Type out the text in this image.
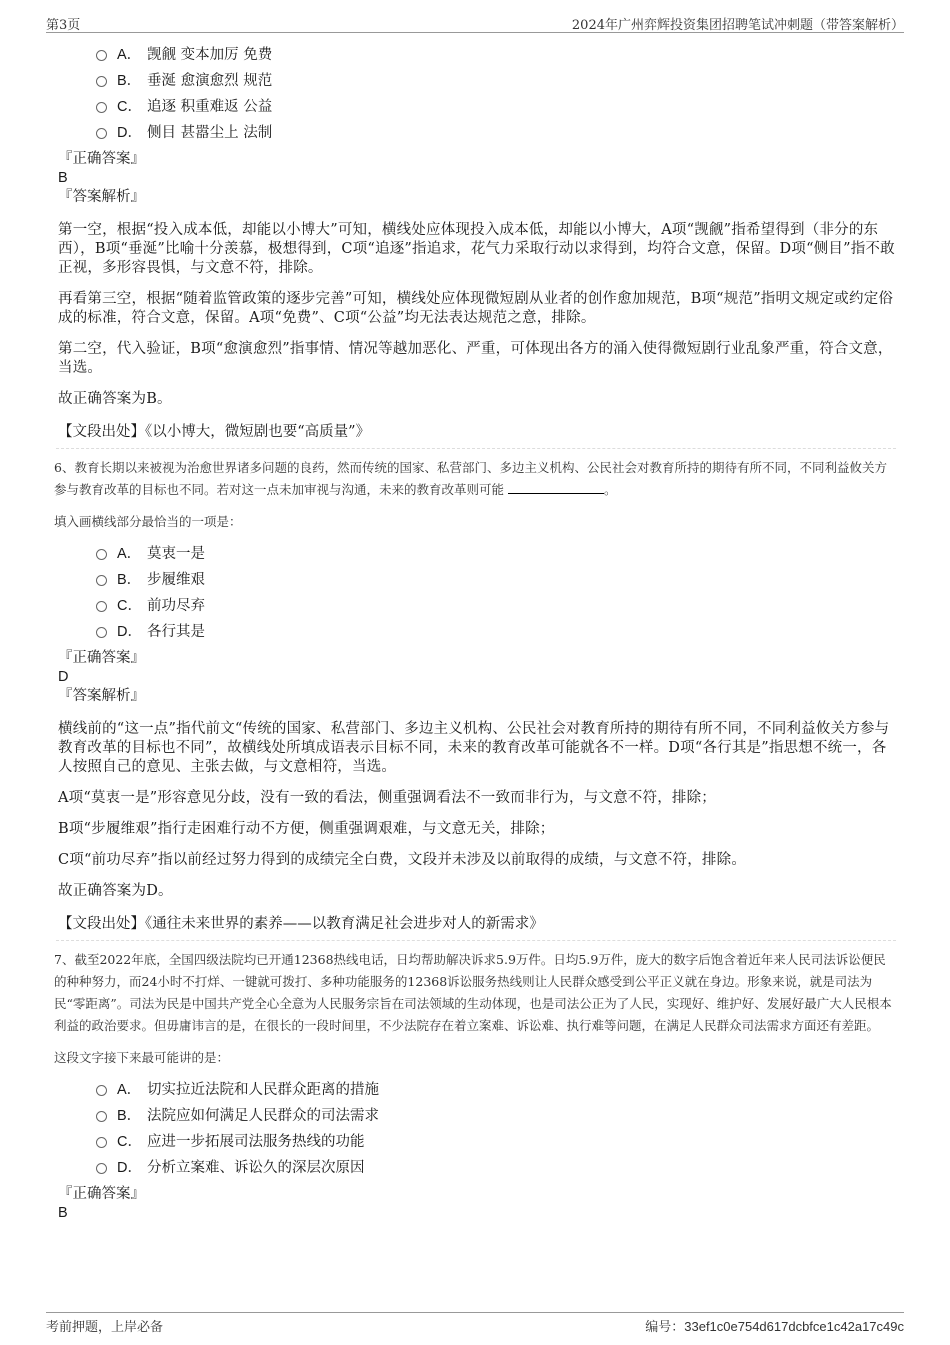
第3页	2024年广州弈辉投资集团招聘笔试冲刺题（带答案解析）
A． 觊觎 变本加厉 免费
B． 垂涎 愈演愈烈 规范
C． 追逐 积重难返 公益
D． 侧目 甚嚣尘上 法制
『正确答案』
B
『答案解析』

第一空，根据“投入成本低，却能以小博大”可知，横线处应体现投入成本低，却能以小博大，A项“觊觎”指希望得到（非分的东西），B项“垂涎”比喻十分羡慕，极想得到，C项“追逐”指追求，花气力采取行动以求得到，均符合文意，保留。D项“侧目”指不敢正视，多形容畏惧，与文意不符，排除。

再看第三空，根据“随着监管政策的逐步完善”可知，横线处应体现微短剧从业者的创作愈加规范，B项“规范”指明文规定或约定俗成的标准，符合文意，保留。A项“免费”、C项“公益”均无法表达规范之意，排除。

第二空，代入验证，B项“愈演愈烈”指事情、情况等越加恶化、严重，可体现出各方的涌入使得微短剧行业乱象严重，符合文意，当选。

故正确答案为B。

【文段出处】《以小博大，微短剧也要“高质量”》

6、教育长期以来被视为治愈世界诸多问题的良药，然而传统的国家、私营部门、多边主义机构、公民社会对教育所持的期待有所不同，不同利益攸关方参与教育改革的目标也不同。若对这一点未加审视与沟通，未来的教育改革则可能	。

填入画横线部分最恰当的一项是：

A． 莫衷一是
B． 步履维艰
C． 前功尽弃
D． 各行其是
『正确答案』
D
『答案解析』

横线前的“这一点”指代前文“传统的国家、私营部门、多边主义机构、公民社会对教育所持的期待有所不同，不同利益攸关方参与教育改革的目标也不同”，故横线处所填成语表示目标不同，未来的教育改革可能就各不一样。D项“各行其是”指思想不统一，各人按照自己的意见、主张去做，与文意相符，当选。

A项“莫衷一是”形容意见分歧，没有一致的看法，侧重强调看法不一致而非行为，与文意不符，排除；

B项“步履维艰”指行走困难行动不方便，侧重强调艰难，与文意无关，排除；

C项“前功尽弃”指以前经过努力得到的成绩完全白费，文段并未涉及以前取得的成绩，与文意不符，排除。

故正确答案为D。

【文段出处】《通往未来世界的素养——以教育满足社会进步对人的新需求》

7、截至2022年底，全国四级法院均已开通12368热线电话，日均帮助解决诉求5.9万件。日均5.9万件，庞大的数字后饱含着近年来人民司法诉讼便民的种种努力，而24小时不打烊、一键就可拨打、多种功能服务的12368诉讼服务热线则让人民群众感受到公平正义就在身边。形象来说，就是司法为民“零距离”。司法为民是中国共产党全心全意为人民服务宗旨在司法领域的生动体现，也是司法公正为了人民，实现好、维护好、发展好最广大人民根本利益的政治要求。但毋庸讳言的是，在很长的一段时间里，不少法院存在着立案难、诉讼难、执行难等问题，在满足人民群众司法需求方面还有差距。

这段文字接下来最可能讲的是：

A． 切实拉近法院和人民群众距离的措施
B． 法院应如何满足人民群众的司法需求
C． 应进一步拓展司法服务热线的功能
D． 分析立案难、诉讼久的深层次原因
『正确答案』
B
考前押题，上岸必备	编号：33ef1c0e754d617dcbfce1c42a17c49c
